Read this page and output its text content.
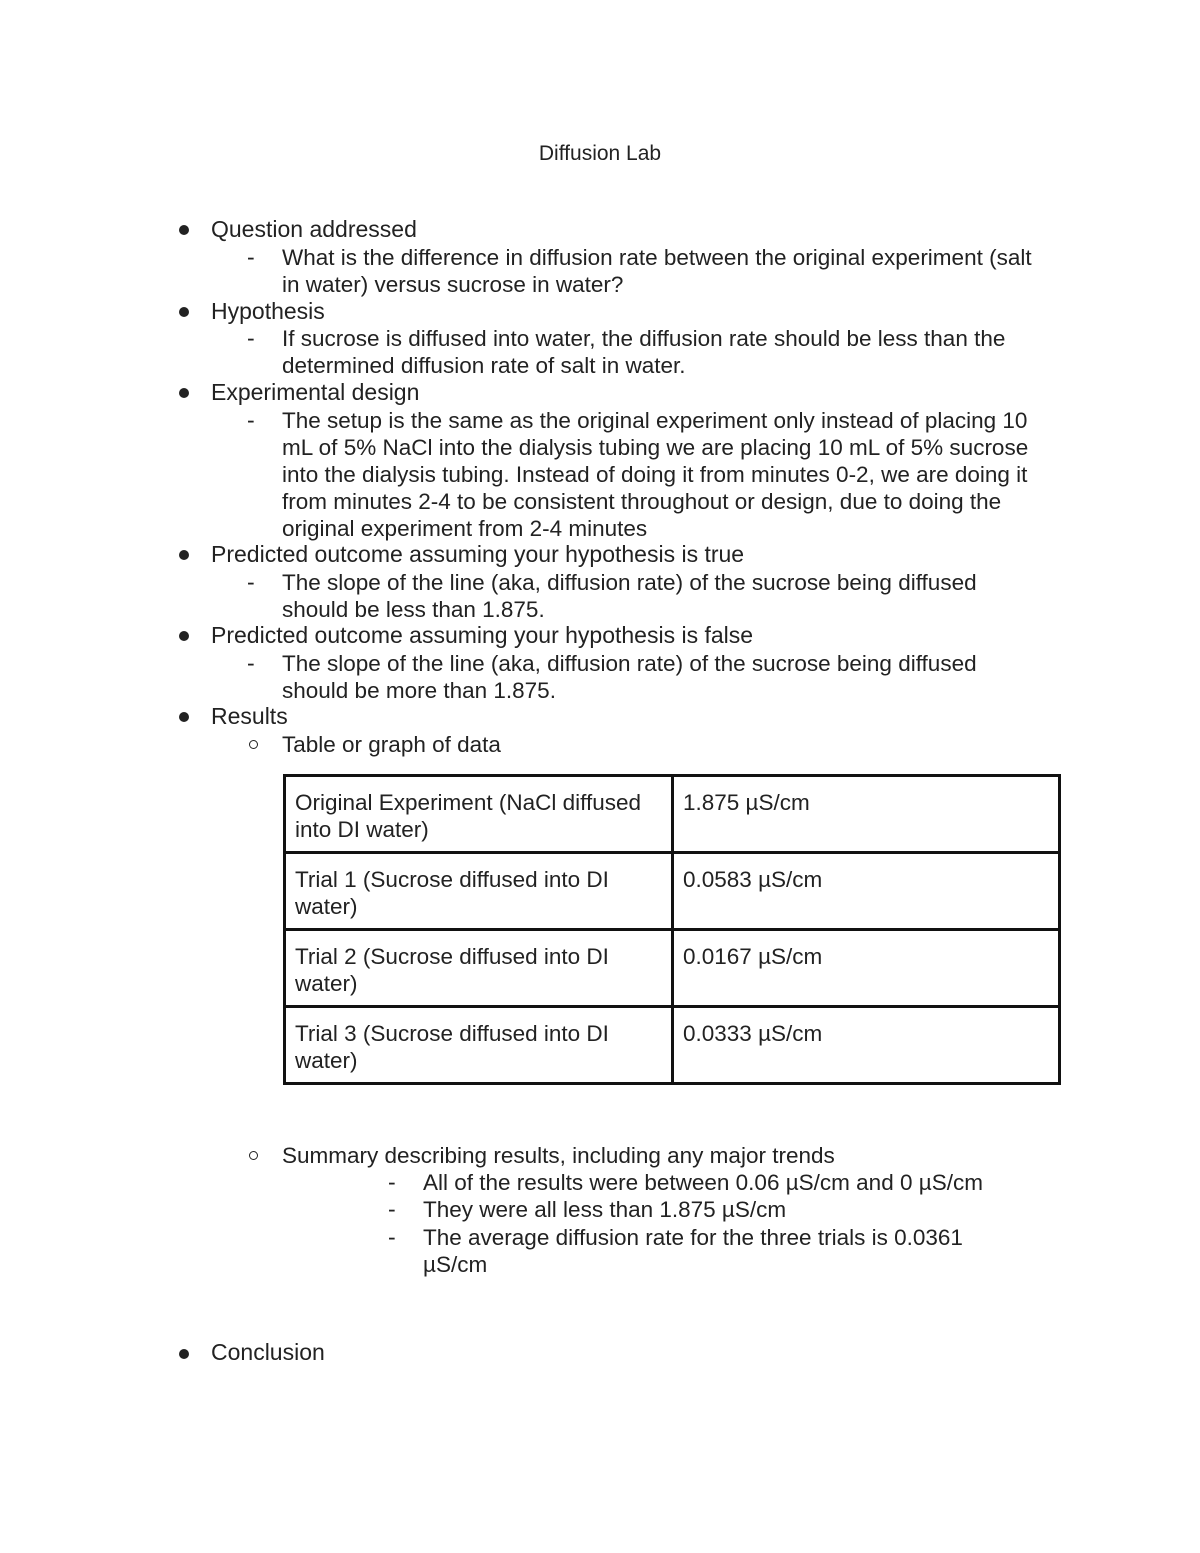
Diffusion Lab
Question addressed
- What is the difference in diffusion rate between the original experiment (salt in water) versus sucrose in water?
Hypothesis
- If sucrose is diffused into water, the diffusion rate should be less than the determined diffusion rate of salt in water.
Experimental design
- The setup is the same as the original experiment only instead of placing 10 mL of 5% NaCl into the dialysis tubing we are placing 10 mL of 5% sucrose into the dialysis tubing. Instead of doing it from minutes 0-2, we are doing it from minutes 2-4 to be consistent throughout or design, due to doing the original experiment from 2-4 minutes
Predicted outcome assuming your hypothesis is true
- The slope of the line (aka, diffusion rate) of the sucrose being diffused should be less than 1.875.
Predicted outcome assuming your hypothesis is false
- The slope of the line (aka, diffusion rate) of the sucrose being diffused should be more than 1.875.
Results
Table or graph of data
Original Experiment (NaCl diffused into DI water)	1.875 µS/cm
Trial 1 (Sucrose diffused into DI water)	0.0583 µS/cm
Trial 2 (Sucrose diffused into DI water)	0.0167 µS/cm
Trial 3 (Sucrose diffused into DI water)	0.0333 µS/cm
Summary describing results, including any major trends
- All of the results were between 0.06 µS/cm and 0 µS/cm
- They were all less than 1.875 µS/cm
- The average diffusion rate for the three trials is 0.0361 µS/cm
Conclusion
